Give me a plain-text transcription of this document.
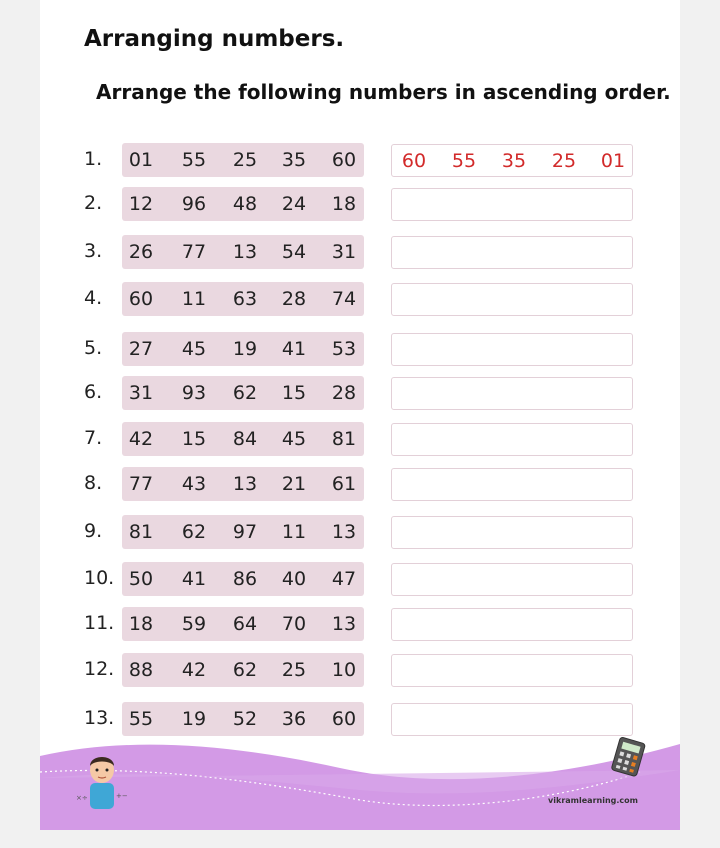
Arranging numbers.
Arrange the following numbers in ascending order.
1. 01 55 25 35 60 60 55 35 25 01
2. 12 96 48 24 18
3. 26 77 13 54 31
4. 60 11 63 28 74
5. 27 45 19 41 53
6. 31 93 62 15 28
7. 42 15 84 45 81
8. 77 43 13 21 61
9. 81 62 97 11 13
10. 50 41 86 40 47
11. 18 59 64 70 13
12. 88 42 62 25 10
13. 55 19 52 36 60
×÷	+−	vikramlearning.com
